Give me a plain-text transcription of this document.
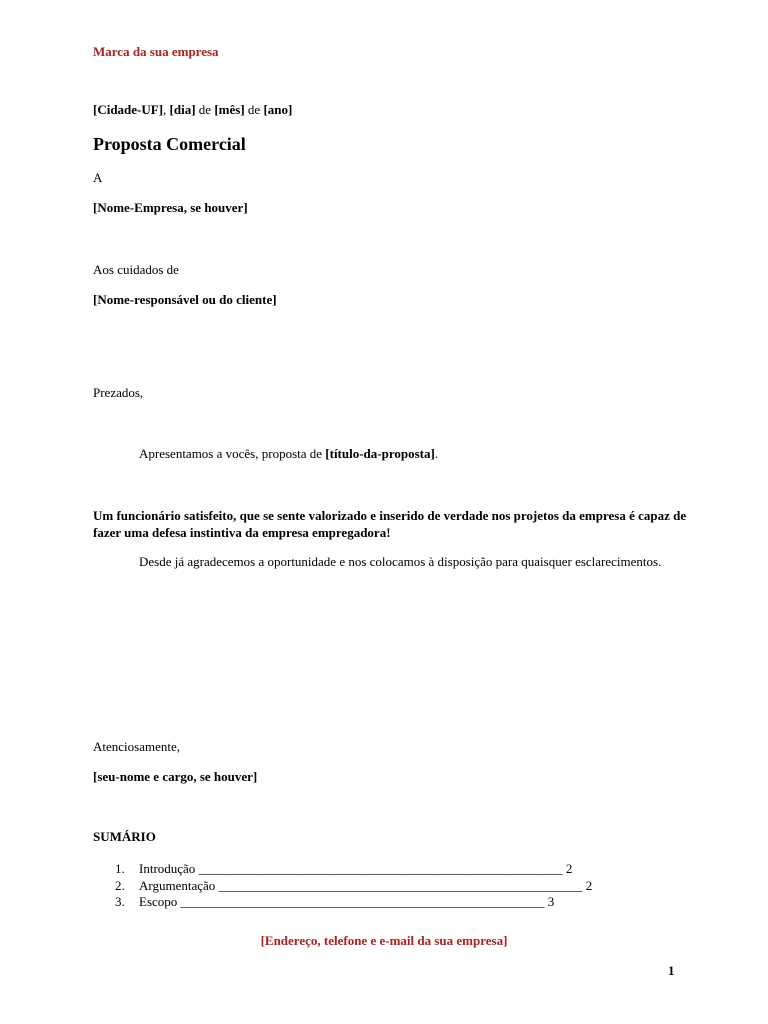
Marca da sua empresa
[Cidade-UF], [dia] de [mês] de [ano]
Proposta Comercial
A
[Nome-Empresa, se houver]
Aos cuidados de
[Nome-responsável ou do cliente]
Prezados,
Apresentamos a vocês, proposta de [título-da-proposta].
Um funcionário satisfeito, que se sente valorizado e inserido de verdade nos projetos da empresa é capaz de fazer uma defesa instintiva da empresa empregadora!
Desde já agradecemos a oportunidade e nos colocamos à disposição para quaisquer esclarecimentos.
Atenciosamente,
[seu-nome e cargo, se houver]
SUMÁRIO
1. Introdução ________________________________________________________ 2
2. Argumentação ________________________________________________________ 2
3. Escopo ________________________________________________________ 3
[Endereço, telefone e e-mail da sua empresa]
1
